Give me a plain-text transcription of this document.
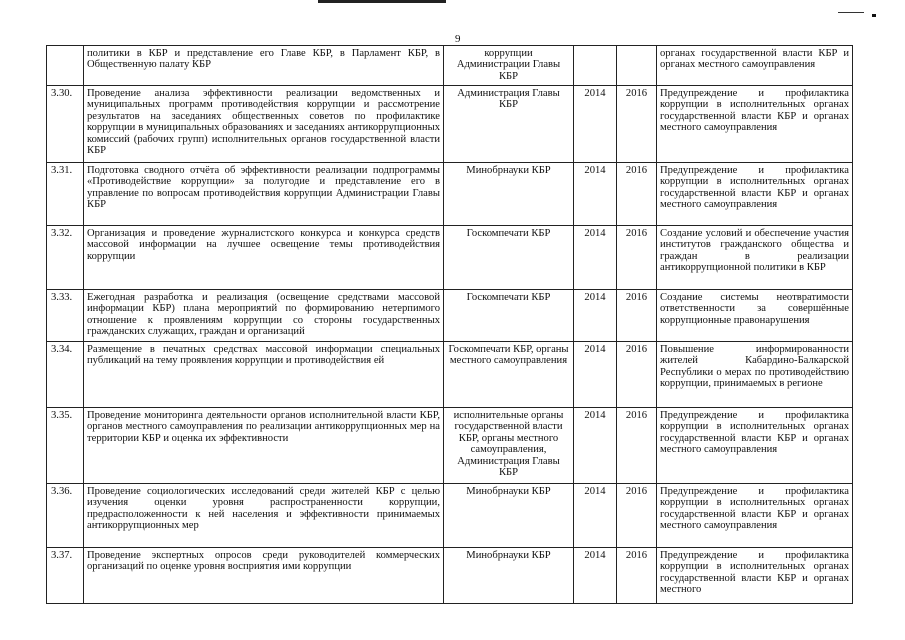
9
	политики в КБР и представление его Главе КБР, в Парламент КБР, в Общественную палату КБР	коррупции Администрации Главы КБР			органах государственной власти КБР и органах местного самоуправления
3.30.	Проведение анализа эффективности реализации ведомственных и муниципальных программ противодействия коррупции и рассмотрение результатов на заседаниях общественных советов по профилактике коррупции в муниципальных образованиях и заседаниях антикоррупционных комиссий (рабочих групп) исполнительных органов государственной власти КБР	Администрация Главы КБР	2014	2016	Предупреждение и профилактика коррупции в исполнительных органах государственной власти КБР и органах местного самоуправления
3.31.	Подготовка сводного отчёта об эффективности реализации подпрограммы «Противодействие коррупции» за полугодие и представление его в управление по вопросам противодействия коррупции Администрации Главы КБР	Минобрнауки КБР	2014	2016	Предупреждение и профилактика коррупции в исполнительных органах государственной власти КБР и органах местного самоуправления
3.32.	Организация и проведение журналистского конкурса и конкурса средств массовой информации на лучшее освещение темы противодействия коррупции	Госкомпечати КБР	2014	2016	Создание условий и обеспечение участия институтов гражданского общества и граждан в реализации антикоррупционной политики в КБР
3.33.	Ежегодная разработка и реализация (освещение средствами массовой информации КБР) плана мероприятий по формированию нетерпимого отношение к проявлениям коррупции со стороны государственных гражданских служащих, граждан и организаций	Госкомпечати КБР	2014	2016	Создание системы неотвратимости ответственности за совершённые коррупционные правонарушения
3.34.	Размещение в печатных средствах массовой информации специальных публикаций на тему проявления коррупции и противодействия ей	Госкомпечати КБР, органы местного самоуправления	2014	2016	Повышение информированности жителей Кабардино-Балкарской Республики о мерах по противодействию коррупции, принимаемых в регионе
3.35.	Проведение мониторинга деятельности органов исполнительной власти КБР, органов местного самоуправления по реализации антикоррупционных мер на территории КБР и оценка их эффективности	исполнительные органы государственной власти КБР, органы местного самоуправления, Администрация Главы КБР	2014	2016	Предупреждение и профилактика коррупции в исполнительных органах государственной власти КБР и органах местного самоуправления
3.36.	Проведение социологических исследований среди жителей КБР с целью изучения оценки уровня распространенности коррупции, предрасположенности к ней населения и эффективности принимаемых антикоррупционных мер	Минобрнауки КБР	2014	2016	Предупреждение и профилактика коррупции в исполнительных органах государственной власти КБР и органах местного самоуправления
3.37.	Проведение экспертных опросов среди руководителей коммерческих организаций по оценке уровня восприятия ими коррупции	Минобрнауки КБР	2014	2016	Предупреждение и профилактика коррупции в исполнительных органах государственной власти КБР и органах местного
